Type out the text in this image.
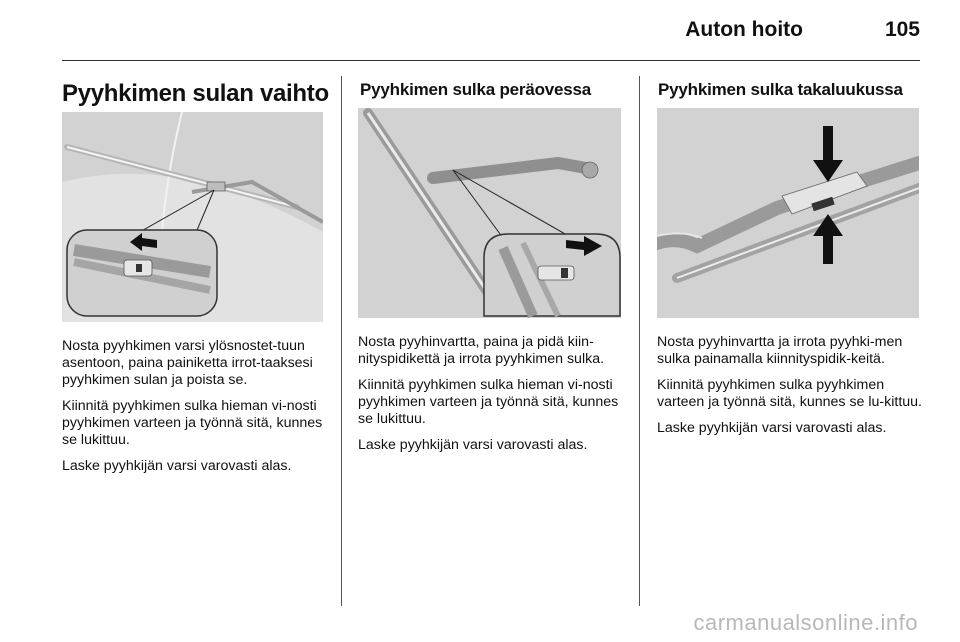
Auton hoito	105
Pyyhkimen sulan vaihto

Nosta pyyhkimen varsi ylösnostet-tuun asentoon, paina painiketta irrot-taaksesi pyyhkimen sulan ja poista se.

Kiinnitä pyyhkimen sulka hieman vi-nosti pyyhkimen varteen ja työnnä sitä, kunnes se lukittuu.

Laske pyyhkijän varsi varovasti alas.

Pyyhkimen sulka peräovessa

Nosta pyyhinvartta, paina ja pidä kiin-nityspidikettä ja irrota pyyhkimen sulka.

Kiinnitä pyyhkimen sulka hieman vi-nosti pyyhkimen varteen ja työnnä sitä, kunnes se lukittuu.

Laske pyyhkijän varsi varovasti alas.

Pyyhkimen sulka takaluukussa

Nosta pyyhinvartta ja irrota pyyhki-men sulka painamalla kiinnityspidik-keitä.

Kiinnitä pyyhkimen sulka pyyhkimen varteen ja työnnä sitä, kunnes se lu-kittuu.

Laske pyyhkijän varsi varovasti alas.

carmanualsonline.info
